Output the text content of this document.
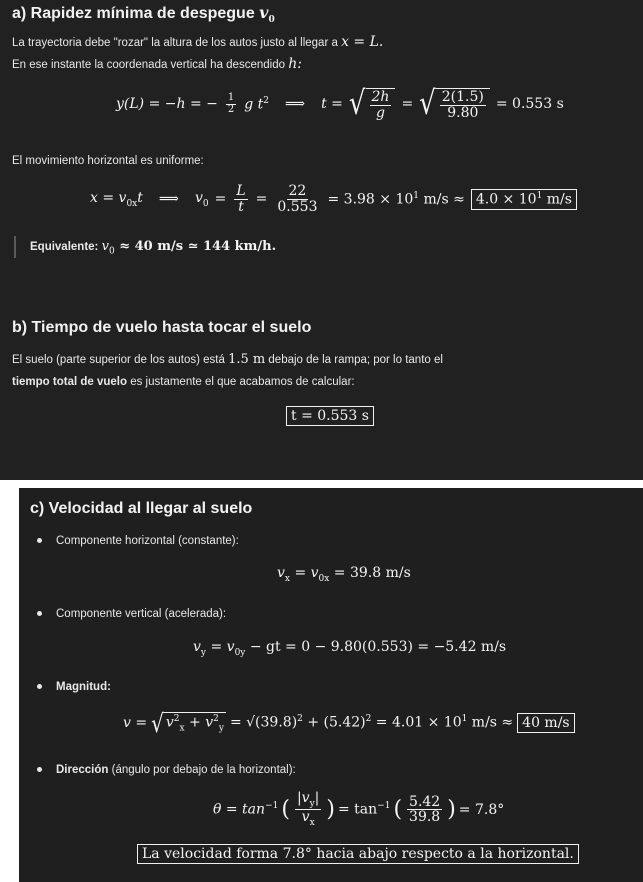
a) Rapidez mínima de despegue $v_0$
La trayectoria debe "rozar" la altura de los autos justo al llegar a x = L.
En ese instante la coordenada vertical ha descendido h:
y(L) = −h = − $\frac{1}{2}$ g $t^2$ ⟹ t = √ $\frac{2h}{g}$ = √ $\frac{2(1.5)}{9.80} = 0.553$ s
El movimiento horizontal es uniforme:
$x = v_{0x}t$ ⟹ $v_0 = \frac{L}{t} = \frac{22}{0.553} = 3.98 \times 10^1$ $m/s \approx 4.0 \times 10^1$ m/s
Equivalente: $v_0 \approx 40$ m/s ≃ 144 km/h.
b) Tiempo de vuelo hasta tocar el suelo
El suelo (parte superior de los autos) está 1.5 m debajo de la rampa; por lo tanto el
tiempo total de vuelo es justamente el que acabamos de calcular:
t = 0.553 s
c) Velocidad al llegar al suelo
Componente horizontal (constante):
$v_x = v_{0x} = 39.8$ m/s
Componente vertical (acelerada):
$v_y = v_{0y}$ − gt = 0 − 9.80(0.553) = −5.42 m/s
Magnitud:
v = √ $v^2_x + v^2_y = √(39.8)^2 + (5.42)^2 = 4.01 \times 10^1$ m/s ≈ 40 m/s
Dirección (ángulo por debajo de la horizontal):
$\theta = \tan^{-1}$ ( $\frac{|v_y|}{v_x}$ ) = $\tan^{-1}$ ( $\frac{5.42}{39.8}$ ) = 7.8°
La velocidad forma 7.8° hacia abajo respecto a la horizontal.
